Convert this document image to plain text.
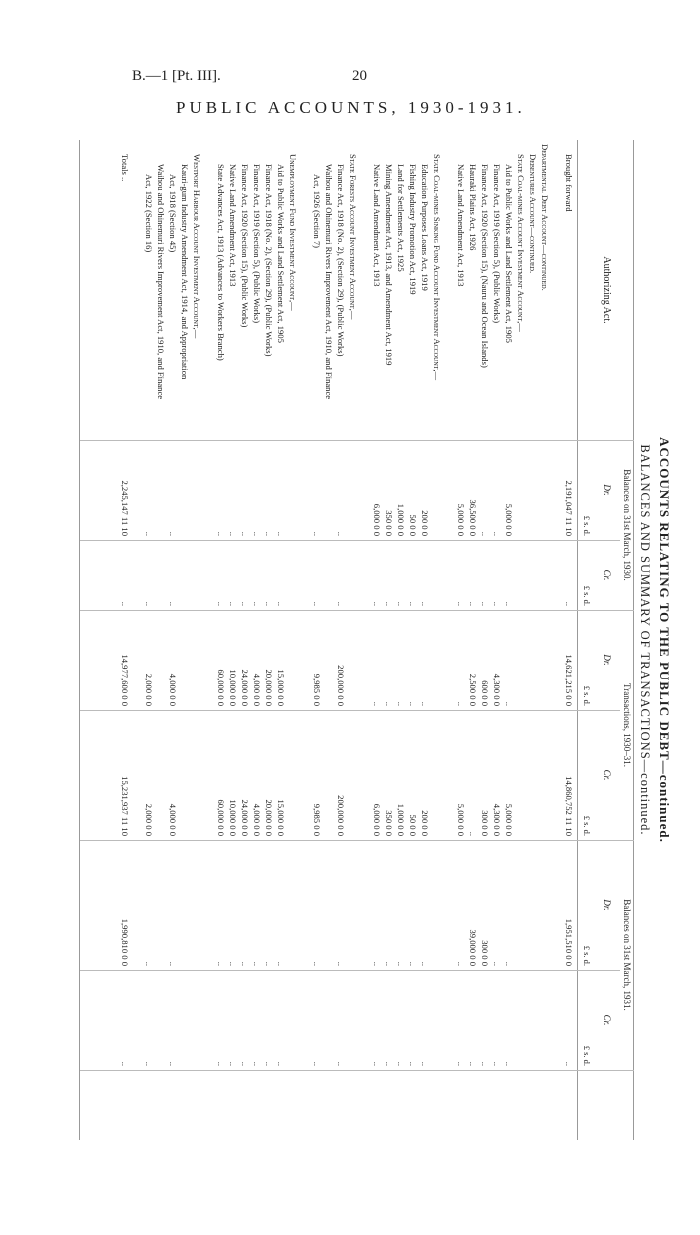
B.—1 [Pt. III].	20
PUBLIC ACCOUNTS, 1930-1931.
ACCOUNTS RELATING TO THE PUBLIC DEBT—continued.
BALANCES AND SUMMARY OF TRANSACTIONS—continued.
Authorizing Act.
Balances on 31st March, 1930.
Transactions, 1930–31.
Balances on 31st March, 1931.
Dr.
Cr.
Dr.
Cr.
Dr.
Cr.
£ s. d.
£ s. d.
£ s. d.
£ s. d.
£ s. d.
£ s. d.
Brought forward
2,191,047 11 10
..
14,621,215 0 0
14,860,752 11 10
1,951,510 0 0
..
Departmental Debt Account—continued.
Debentures Account—continued.
State Coal-mines Account Investment Account,—
Aid to Public Works and Land Settlement Act, 1905
5,000 0 0
..
..
5,000 0 0
..
..
Finance Act, 1919 (Section 5), (Public Works)
..
..
4,300 0 0
4,300 0 0
..
..
Finance Act, 1920 (Section 15), (Nauru and Ocean Islands)
..
..
600 0 0
300 0 0
300 0 0
..
Hauraki Plains Act, 1926
36,500 0 0
..
2,500 0 0
..
39,000 0 0
..
Native Land Amendment Act, 1913
5,000 0 0
..
..
5,000 0 0
..
..
State Coal-mines Sinking Fund Account Investment Account,—
Education Purposes Loans Act, 1919
200 0 0
..
..
200 0 0
..
..
Fishing Industry Promotion Act, 1919
50 0 0
..
..
50 0 0
..
..
Land for Settlements Act, 1925
1,000 0 0
..
..
1,000 0 0
..
..
Mining Amendment Act, 1913, and Amendment Act, 1919
350 0 0
..
..
350 0 0
..
..
Native Land Amendment Act, 1913
6,000 0 0
..
..
6,000 0 0
..
..
State Forests Account Investment Account,—
Finance Act, 1918 (No. 2), (Section 29), (Public Works)
..
..
200,000 0 0
200,000 0 0
..
..
Waihou and Ohinemuri Rivers Improvement Act, 1910, and Finance
Act, 1926 (Section 7)
..
..
9,985 0 0
9,985 0 0
..
..
Unemployment Fund Investment Account,—
Aid to Public Works and Land Settlement Act, 1905
..
..
15,000 0 0
15,000 0 0
..
..
Finance Act, 1918 (No. 2), (Section 29), (Public Works)
..
..
20,000 0 0
20,000 0 0
..
..
Finance Act, 1919 (Section 5), (Public Works)
..
..
4,000 0 0
4,000 0 0
..
..
Finance Act, 1920 (Section 15), (Public Works)
..
..
24,000 0 0
24,000 0 0
..
..
Native Land Amendment Act, 1913
..
..
10,000 0 0
10,000 0 0
..
..
State Advances Act, 1913 (Advances to Workers Branch)
..
..
60,000 0 0
60,000 0 0
..
..
Westport Harbour Account Investment Account,—
Kauri-gum Industry Amendment Act, 1914, and Appropriation
Act, 1918 (Section 45)
..
..
4,000 0 0
4,000 0 0
..
..
Waihou and Ohinemuri Rivers Improvement Act, 1910, and Finance
Act, 1922 (Section 16)
..
..
2,000 0 0
2,000 0 0
..
..
Totals ..
2,245,147 11 10
..
14,977,600 0 0
15,231,937 11 10
1,990,810 0 0
..
